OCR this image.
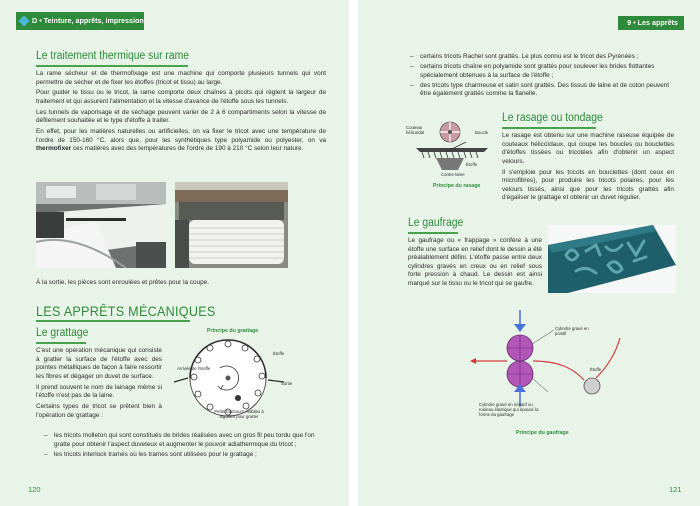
D • Teinture, apprêts, impression
Le traitement thermique sur rame

La rame sécheur et de thermofixage est une machine qui comporte plusieurs tunnels qui vont permettre de sécher et de fixer les étoffes (tricot et tissu) au large.

Pour guider le tissu ou le tricot, la rame comporte deux chaînes à picots qui règlent la largeur de traitement et qui assurent l'alimentation et la vitesse d'avance de l'étoffe sous les tunnels.

Les tunnels de vaporisage et de séchage peuvent varier de 2 à 6 compartiments selon la vitesse de défilement souhaitée et le type d'étoffe à traiter.

En effet, pour les matières naturelles ou artificielles, on va fixer le tricot avec une température de l'ordre de 150-160 °C, alors que, pour les synthétiques type polyamide ou polyester, on va thermofixer ces matières avec des températures de l'ordre de 190 à 210 °C selon leur nature.

À la sortie, les pièces sont enroulées et prêtes pour la coupe.
LES APPRÊTS MÉCANIQUES
Le grattage

C'est une opération mécanique qui consiste à gratter la surface de l'étoffe avec des pointes métalliques de façon à faire ressortir les fibres et dégager un duvet de surface.

Il prend souvent le nom de lainage même si l'étoffe n'est pas de la laine.

Certains types de tricot se prêtent bien à l'opération de grattage :

– les tricots molleton qui sont constitués de brides réalisées avec un gros fil peu tordu que l'on gratte pour obtenir l'aspect duveteux et augmenter le pouvoir adiathermique du tricot ;
– les tricots interlock tramés où les trames sont utilisées pour le grattage ;
Principe du grattage
Arrivée de l'étoffe
Étoffe
Sortie
Petits tambours mobiles à aiguilles pour gratter
120
9 • Les apprêts
– certains tricots Rachel sont grattés. Le plus connu est le tricot des Pyrénées ;
– certains tricots chaîne en polyamide sont grattés pour soulever les brides flottantes spécialement obtenues à la surface de l'étoffe ;
– des tricots type charmeuse et satin sont grattés. Des tissus de laine et de coton peuvent être également grattés comme la flanelle.
Couteau hélicoïdal	Boucle
Étoffe
Contre-lame
Principe du rasage
Le rasage ou tondage

Le rasage est obtenu sur une machine raseuse équipée de couteaux hélicoïdaux, qui coupe les boucles ou bouclettes d'étoffes tissées ou tricotées afin d'obtenir un aspect velours.

Il s'emploie pour les tricots en bouclettes (dont ceux en microfibres), pour produire les tricots polaires, pour les velours tissés, ainsi que pour les tricots grattés afin d'égaliser le grattage et obtenir un duvet régulier.

Le gaufrage
Le gaufrage ou « frappage » confère à une étoffe une surface en relief dont le dessin a été préalablement défini. L'étoffe passe entre deux cylindres gravés en creux ou en relief sous forte pression à chaud. Le dessin est ainsi marqué sur le tissu ou le tricot qui se gaufre.
Cylindre gravé en positif
Étoffe
Cylindre gravé en négatif ou rouleau élastique qui épouse la forme du gaufrage
Principe du gaufrage
121
